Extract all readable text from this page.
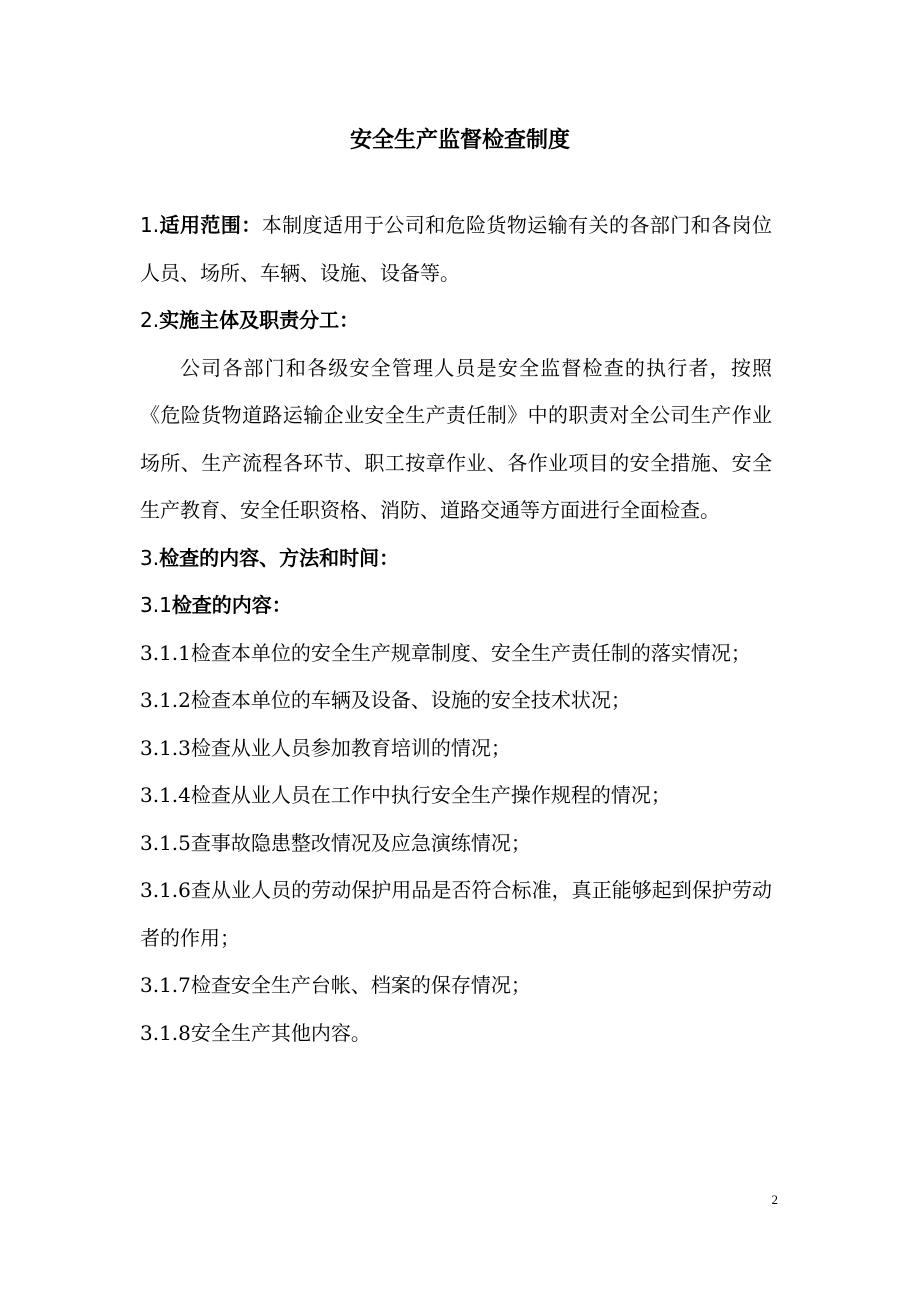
安全生产监督检查制度

1.适用范围：本制度适用于公司和危险货物运输有关的各部门和各岗位人员、场所、车辆、设施、设备等。

2.实施主体及职责分工：

公司各部门和各级安全管理人员是安全监督检查的执行者，按照《危险货物道路运输企业安全生产责任制》中的职责对全公司生产作业场所、生产流程各环节、职工按章作业、各作业项目的安全措施、安全生产教育、安全任职资格、消防、道路交通等方面进行全面检查。

3.检查的内容、方法和时间：

3.1检查的内容：

3.1.1检查本单位的安全生产规章制度、安全生产责任制的落实情况；

3.1.2检查本单位的车辆及设备、设施的安全技术状况；

3.1.3检查从业人员参加教育培训的情况；

3.1.4检查从业人员在工作中执行安全生产操作规程的情况；

3.1.5查事故隐患整改情况及应急演练情况；

3.1.6查从业人员的劳动保护用品是否符合标准，真正能够起到保护劳动者的作用；

3.1.7检查安全生产台帐、档案的保存情况；

3.1.8安全生产其他内容。

2
